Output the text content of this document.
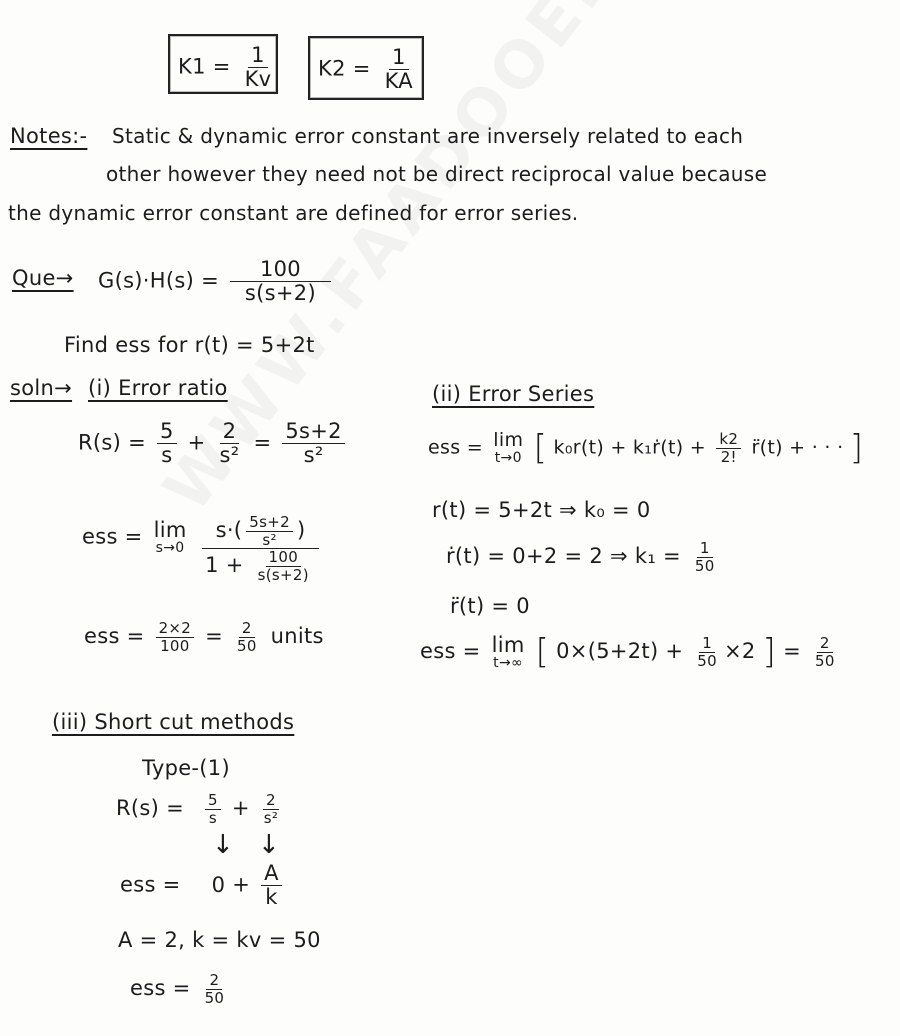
$K1 = \frac{1}{Kv} K2 = \frac{1}{KA}$
Notes:- Static & dynamic error constant are inversely related to each
other however they need not be direct reciprocal value because
the dynamic error constant are defined for error series.
$Que\to G(s)\cdot H(s) = \frac{100}{s(s+2)}$
Find ess for r(t) = 5+2t
soln→ (i) Error ratio
$R(s) = \frac{5}{s} + \frac{2}{\text{s²}} = \frac{5s+2}{\text{s²}}$
ess = lim
s→0
$\frac{s\cdot( \frac{5s+2}{\text{s²}} )}{1 + \frac{100}{s(s+2)}}$
ess = $\frac{2\times 2}{100} = \frac{2}{50}$ units
(ii) Error Series
ess = lim
t→0 [ k₀r(t) + k₁ṙ(t) + $\frac{k2}{2!}$ r̈(t) + · · · ]
r(t) = 5+2t ⇒ k₀ = 0
ṙ(t) = 0+2 = 2 ⇒ $k_1 = \frac{1}{50}$
r̈(t) = 0
ess = lim
t→∞ [ $0\times(5+2t) + \frac{1}{50} \times 2$ ] = $\frac{2}{50}$
(iii) Short cut methods
Type-(1)
$R(s) = \frac{5}{s} + \frac{2}{\text{s²}}$
↓ ↓
ess = $0 + \frac{A}{k}$
A = 2, k = kv = 50
ess = $\frac{2}{50}$
